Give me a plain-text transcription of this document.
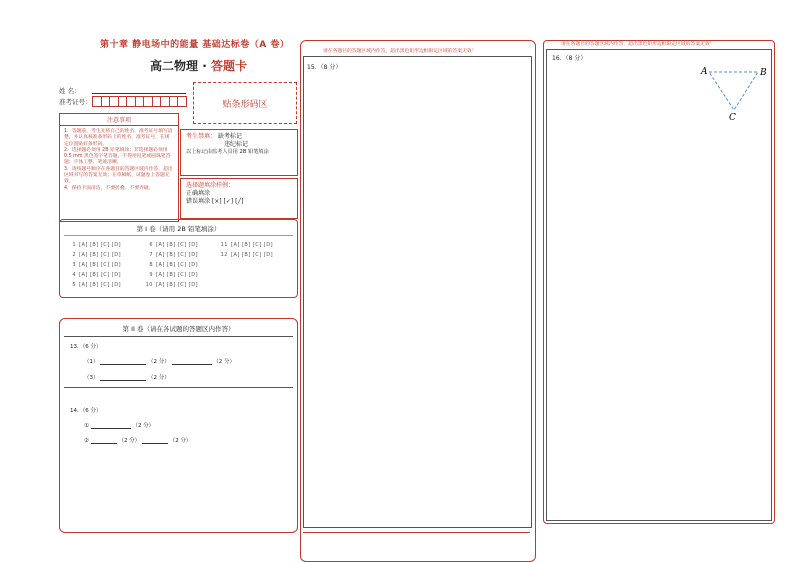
第十章 静电场中的能量 基础达标卷（A 卷）
高二物理 · 答题卡
姓 名：
准考证号：	贴条形码区
注意事项
1．答题前，考生先将自己的姓名、准考证号填写清楚，并认真核准条形码上的姓名、准考证号，在规定位置贴好条形码。
2．选择题必须用 2B 铅笔填涂；非选择题必须用 0.5 mm 黑色签字笔答题，不得用铅笔或圆珠笔答题；字体工整、笔迹清晰。
3．请按题号顺序在各题目的答题区域内作答，超出区域书写的答案无效；在草稿纸、试题卷上答题无效。
4．保持卡面清洁，不要折叠、不要弄破。
考生禁填： 缺考标记
违纪标记
以上标记由监考人员用 2B 铅笔填涂
选择题填涂样例：
正确填涂
错误填涂 [×] [✓] [╱]
第 I 卷（请用 2B 铅笔填涂）
1 [A] [B] [C] [D]
2 [A] [B] [C] [D]
3 [A] [B] [C] [D]
4 [A] [B] [C] [D]
5 [A] [B] [C] [D]
6 [A] [B] [C] [D]
7 [A] [B] [C] [D]
8 [A] [B] [C] [D]
9 [A] [B] [C] [D]
10 [A] [B] [C] [D]
11 [A] [B] [C] [D]
12 [A] [B] [C] [D]
第 II 卷（请在各试题的答题区内作答）
13．（6 分）
（1）	（2 分）	（2 分）
（3）	（2 分）
14．（6 分）
①	（2 分）
②	（2 分）	（2 分）
请在各题目的答题区域内作答，超出黑色矩形边框限定区域的答案无效！
15．（8 分）
请在各题目的答题区域内作答，超出黑色矩形边框限定区域的答案无效！
16．（8 分）
A	B
C
